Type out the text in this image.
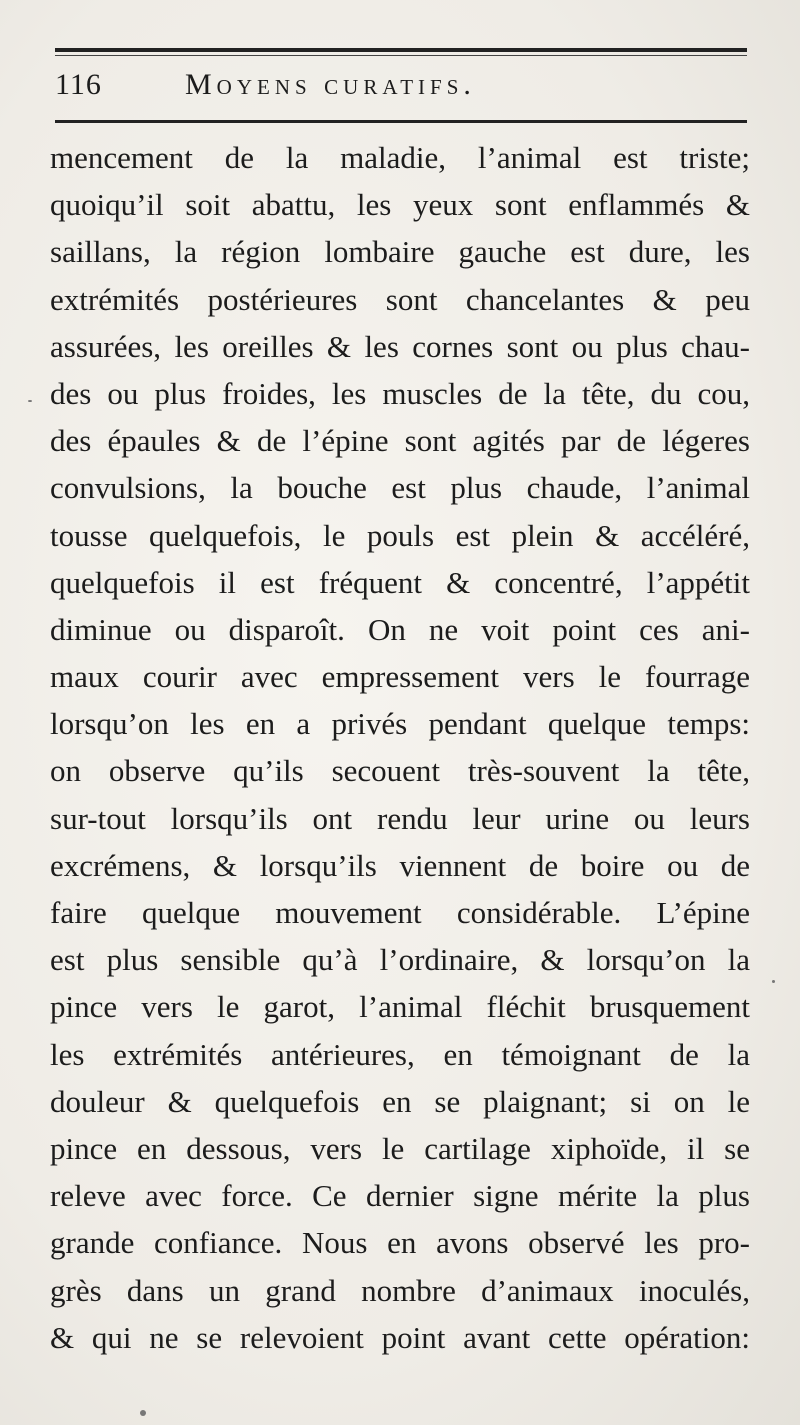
116	Moyens curatifs.
mencement de la maladie, l’animal est triste;
quoiqu’il soit abattu, les yeux sont enflammés &
saillans, la région lombaire gauche est dure, les
extrémités postérieures sont chancelantes & peu
assurées, les oreilles & les cornes sont ou plus chau-
des ou plus froides, les muscles de la tête, du cou,
des épaules & de l’épine sont agités par de légeres
convulsions, la bouche est plus chaude, l’animal
tousse quelquefois, le pouls est plein & accéléré,
quelquefois il est fréquent & concentré, l’appétit
diminue ou disparoît. On ne voit point ces ani-
maux courir avec empressement vers le fourrage
lorsqu’on les en a privés pendant quelque temps:
on observe qu’ils secouent très-souvent la tête,
sur-tout lorsqu’ils ont rendu leur urine ou leurs
excrémens, & lorsqu’ils viennent de boire ou de
faire quelque mouvement considérable. L’épine
est plus sensible qu’à l’ordinaire, & lorsqu’on la
pince vers le garot, l’animal fléchit brusquement
les extrémités antérieures, en témoignant de la
douleur & quelquefois en se plaignant; si on le
pince en dessous, vers le cartilage xiphoïde, il se
releve avec force. Ce dernier signe mérite la plus
grande confiance. Nous en avons observé les pro-
grès dans un grand nombre d’animaux inoculés,
& qui ne se relevoient point avant cette opération:
